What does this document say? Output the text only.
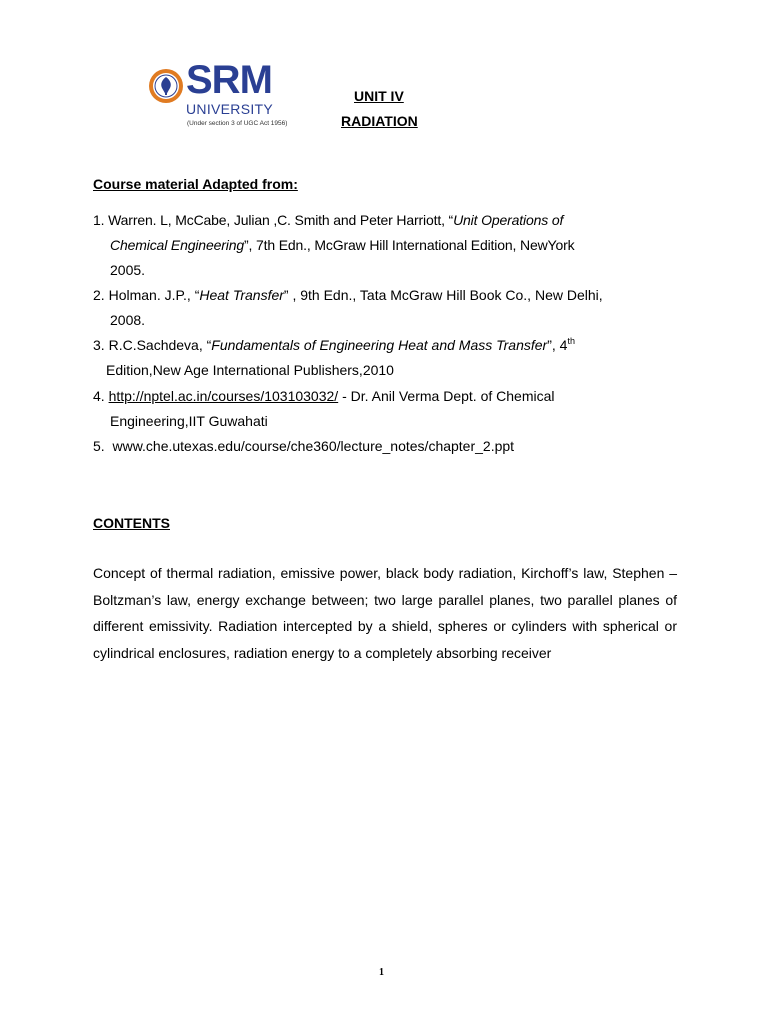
SRM
UNIVERSITY
(Under section 3 of UGC Act 1956)
UNIT IV
RADIATION
Course material Adapted from:
1. Warren. L, McCabe, Julian ,C. Smith and Peter Harriott, “Unit Operations of
Chemical Engineering”, 7th Edn., McGraw Hill International Edition, NewYork
2005.
2. Holman. J.P., “Heat Transfer” , 9th Edn., Tata McGraw Hill Book Co., New Delhi,
2008.
3. R.C.Sachdeva, “Fundamentals of Engineering Heat and Mass Transfer”, 4th
Edition,New Age International Publishers,2010
4. http://nptel.ac.in/courses/103103032/ - Dr. Anil Verma Dept. of Chemical
Engineering,IIT Guwahati
5.  www.che.utexas.edu/course/che360/lecture_notes/chapter_2.ppt
CONTENTS
Concept of thermal radiation, emissive power, black body radiation, Kirchoff’s law, Stephen – Boltzman’s law, energy exchange between; two large parallel planes, two parallel planes of different emissivity. Radiation intercepted by a shield, spheres or cylinders with spherical or cylindrical enclosures, radiation energy to a completely absorbing receiver
1
